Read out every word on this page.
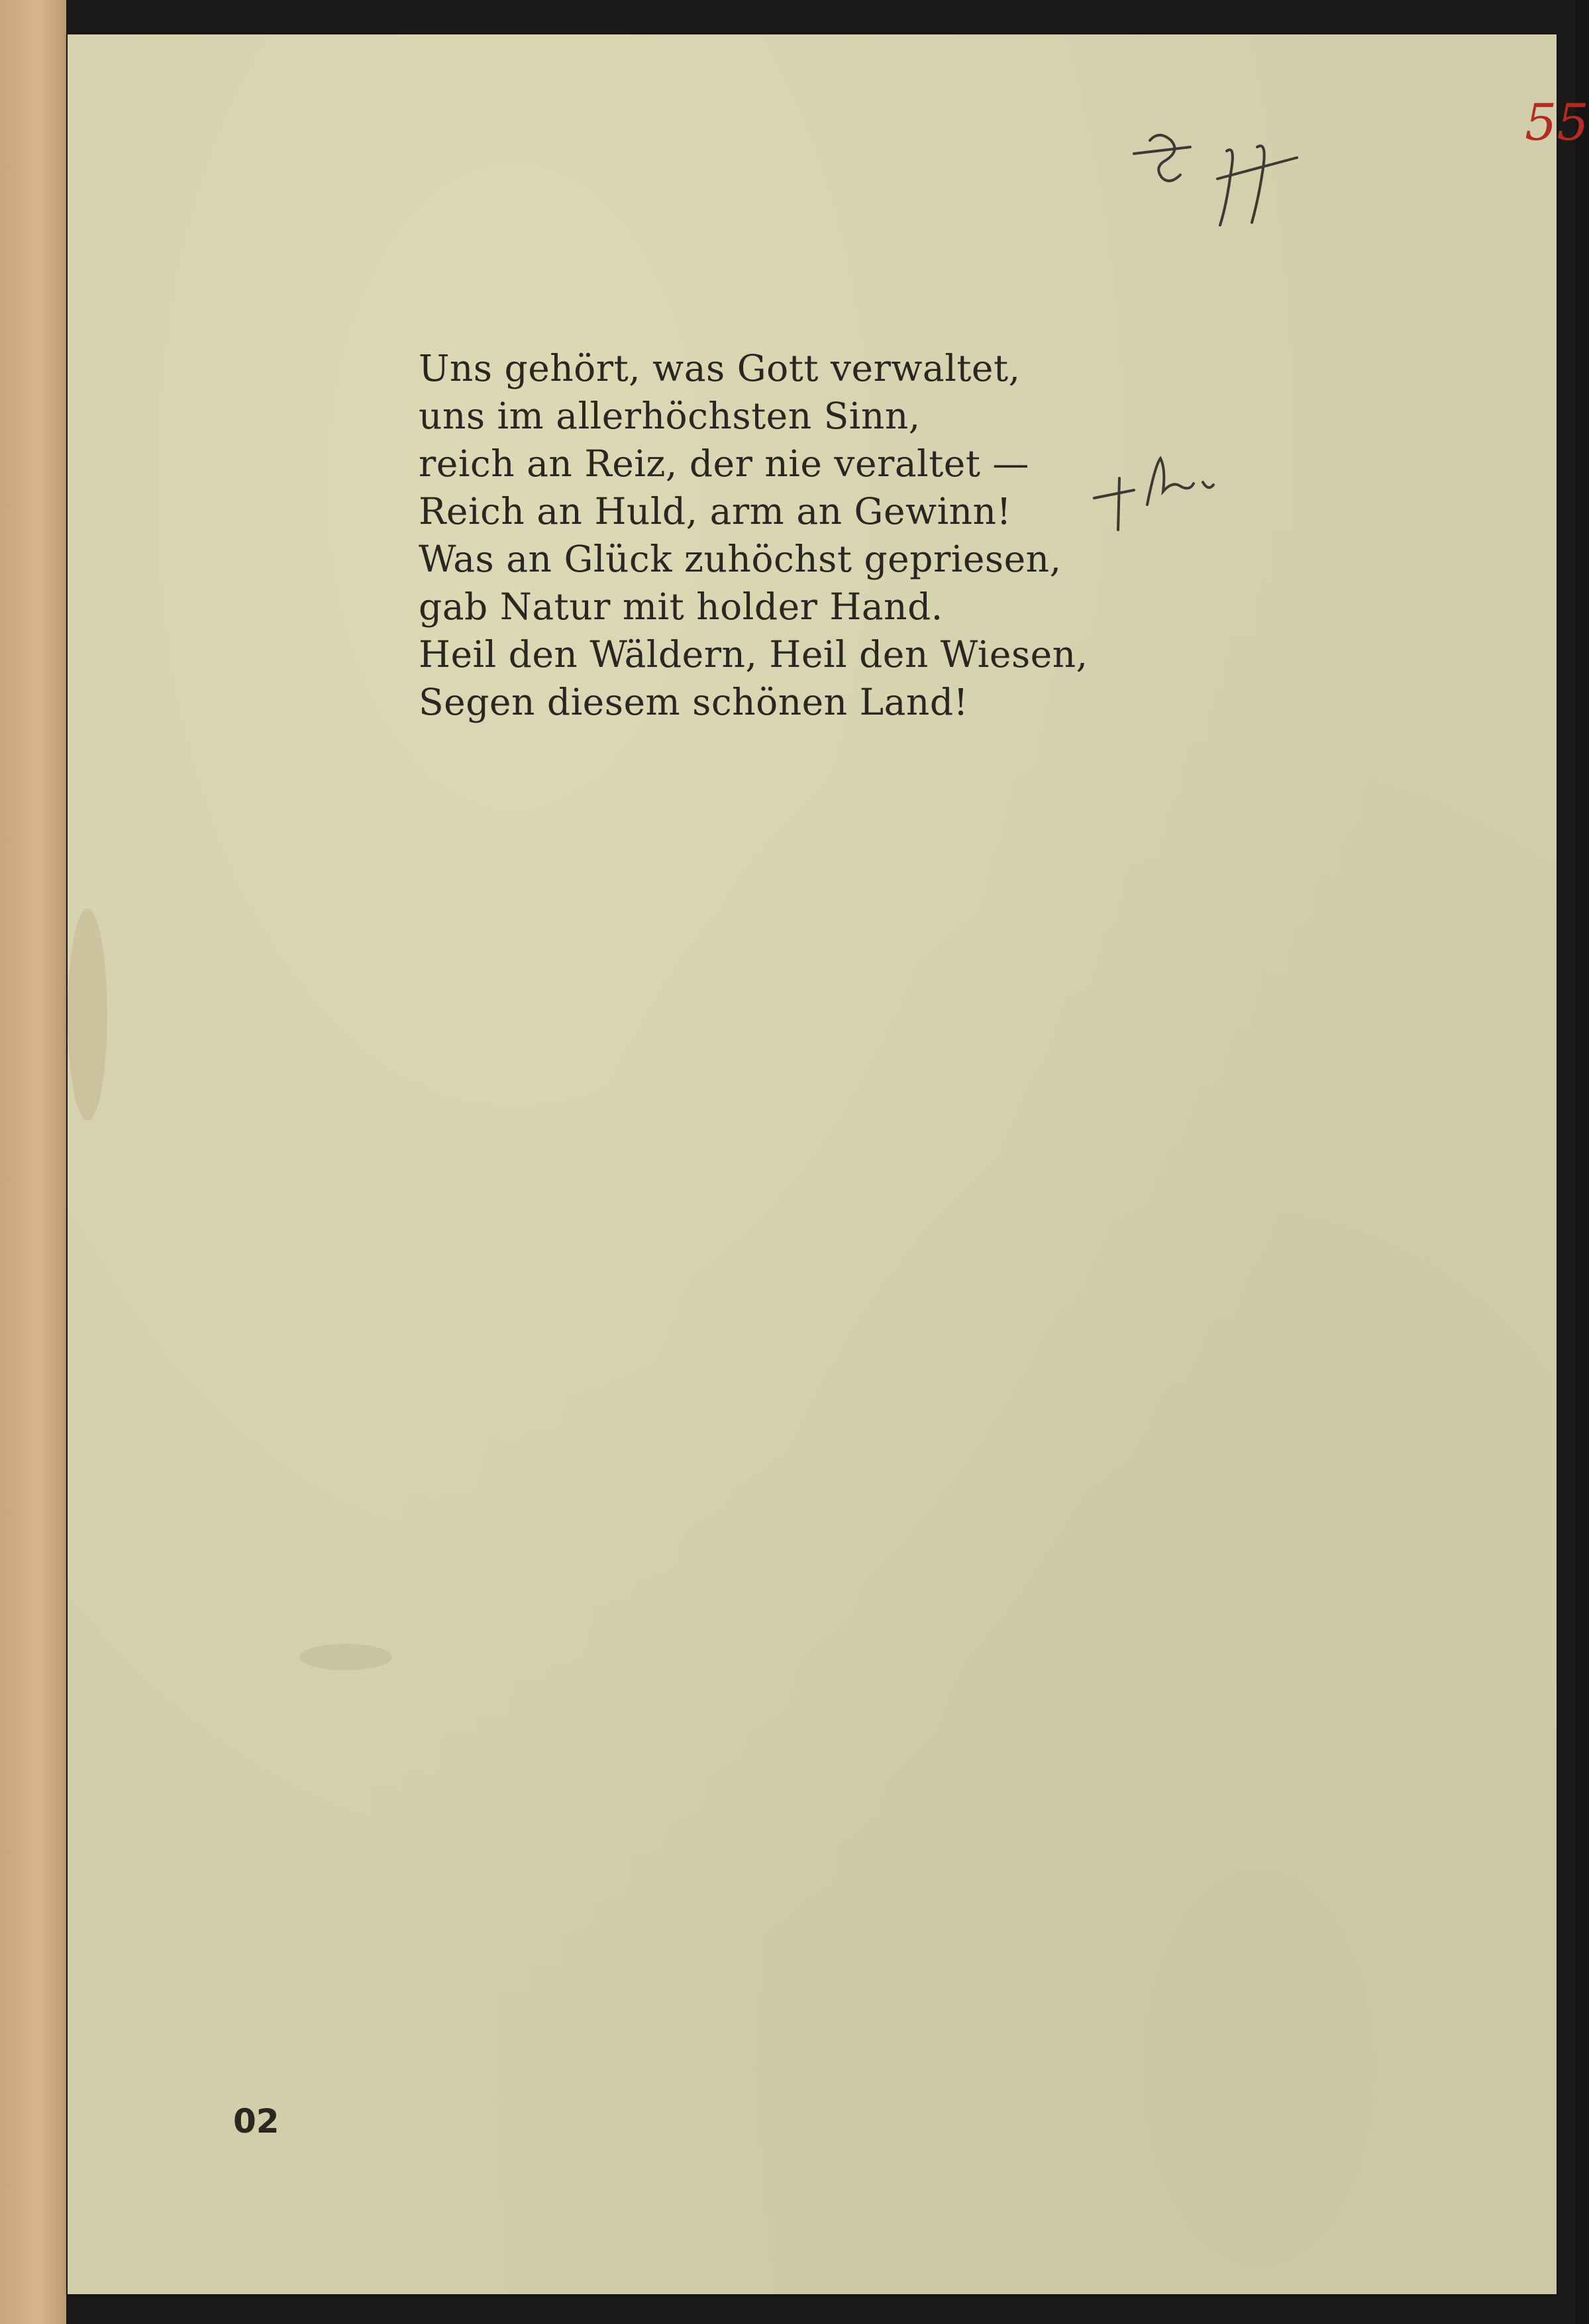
55
Uns gehört, was Gott verwaltet,
uns im allerhöchsten Sinn,
reich an Reiz, der nie veraltet —
Reich an Huld, arm an Gewinn!
Was an Glück zuhöchst gepriesen,
gab Natur mit holder Hand.
Heil den Wäldern, Heil den Wiesen,
Segen diesem schönen Land!
02
